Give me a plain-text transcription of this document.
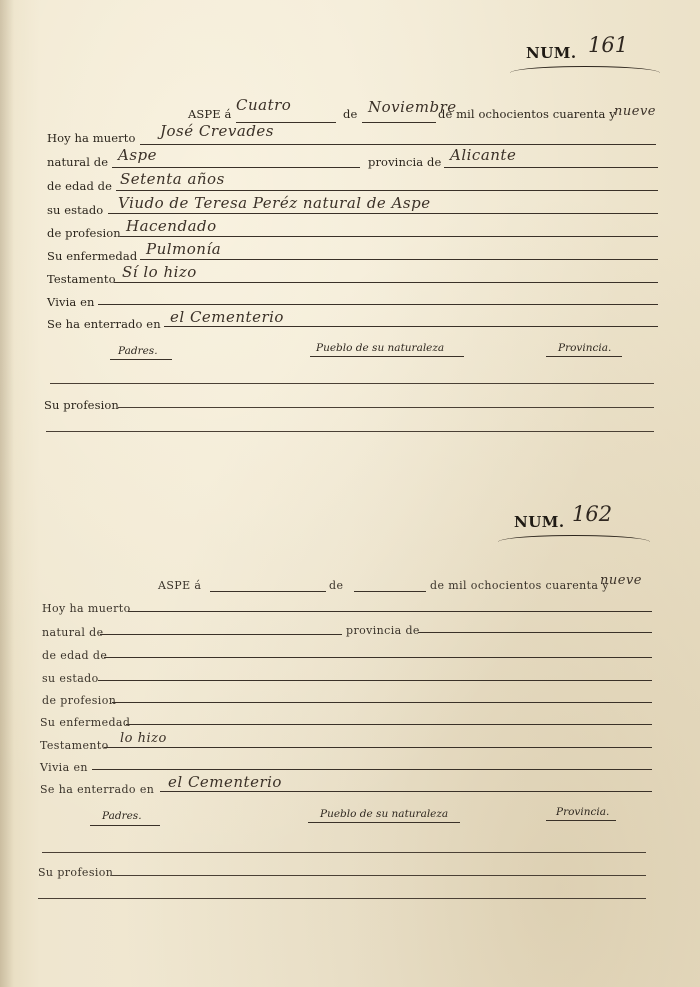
NUM. 161
ASPE á Cuatro	de Noviembre
de mil ochocientos cuarenta y
nueve
Hoy ha muerto José Crevades
natural de Aspe	provincia de Alicante
de edad de Setenta años
su estado Viudo de Teresa Peréz natural de Aspe
de profesion Hacendado
Su enfermedad Pulmonía
Testamento Sí lo hizo
Vivia en
Se ha enterrado en el Cementerio
Padres.	Pueblo de su naturaleza	Provincia.
Su profesion
NUM. 162
ASPE á	de	de mil ochocientos cuarenta y
nueve
Hoy ha muerto
natural de	provincia de
de edad de
su estado
de profesion
Su enfermedad
Testamento lo hizo
Vivia en
Se ha enterrado en el Cementerio
Padres.	Pueblo de su naturaleza	Provincia.
Su profesion
